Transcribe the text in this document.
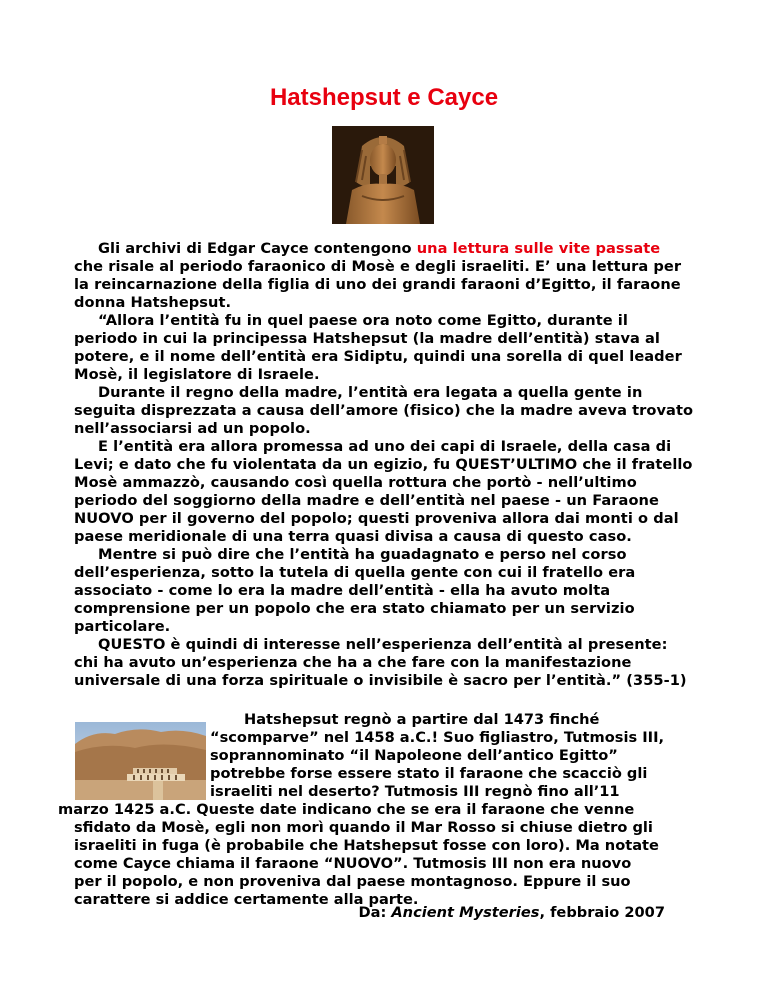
Hatshepsut e Cayce

Gli archivi di Edgar Cayce contengono una lettura sulle vite passate che risale al periodo faraonico di Mosè e degli israeliti. E’ una lettura per la reincarnazione della figlia di uno dei grandi faraoni d’Egitto, il faraone donna Hatshepsut.

“Allora l’entità fu in quel paese ora noto come Egitto, durante il periodo in cui la principessa Hatshepsut (la madre dell’entità) stava al potere, e il nome dell’entità era Sidiptu, quindi una sorella di quel leader Mosè, il legislatore di Israele.

Durante il regno della madre, l’entità era legata a quella gente in seguita disprezzata a causa dell’amore (fisico) che la madre aveva trovato nell’associarsi ad un popolo.

E l’entità era allora promessa ad uno dei capi di Israele, della casa di Levi; e dato che fu violentata da un egizio, fu QUEST’ULTIMO che il fratello Mosè ammazzò, causando così quella rottura che portò - nell’ultimo periodo del soggiorno della madre e dell’entità nel paese - un Faraone NUOVO per il governo del popolo; questi proveniva allora dai monti o dal paese meridionale di una terra quasi divisa a causa di questo caso.

Mentre si può dire che l’entità ha guadagnato e perso nel corso dell’esperienza, sotto la tutela di quella gente con cui il fratello era associato - come lo era la madre dell’entità - ella ha avuto molta comprensione per un popolo che era stato chiamato per un servizio particolare.

QUESTO è quindi di interesse nell’esperienza dell’entità al presente: chi ha avuto un’esperienza che ha a che fare con la manifestazione universale di una forza spirituale o invisibile è sacro per l’entità.” (355-1)

Hatshepsut regnò a partire dal 1473 finché
“scomparve” nel 1458 a.C.! Suo figliastro, Tutmosis III,
soprannominato “il Napoleone dell’antico Egitto”
potrebbe forse essere stato il faraone che scacciò gli
israeliti nel deserto? Tutmosis III regnò fino all’11
marzo 1425 a.C. Queste date indicano che se era il faraone che venne
sfidato da Mosè, egli non morì quando il Mar Rosso si chiuse dietro gli
israeliti in fuga (è probabile che Hatshepsut fosse con loro). Ma notate
come Cayce chiama il faraone “NUOVO”. Tutmosis III non era nuovo
per il popolo, e non proveniva dal paese montagnoso. Eppure il suo
carattere si addice certamente alla parte.
Da: Ancient Mysteries, febbraio 2007
